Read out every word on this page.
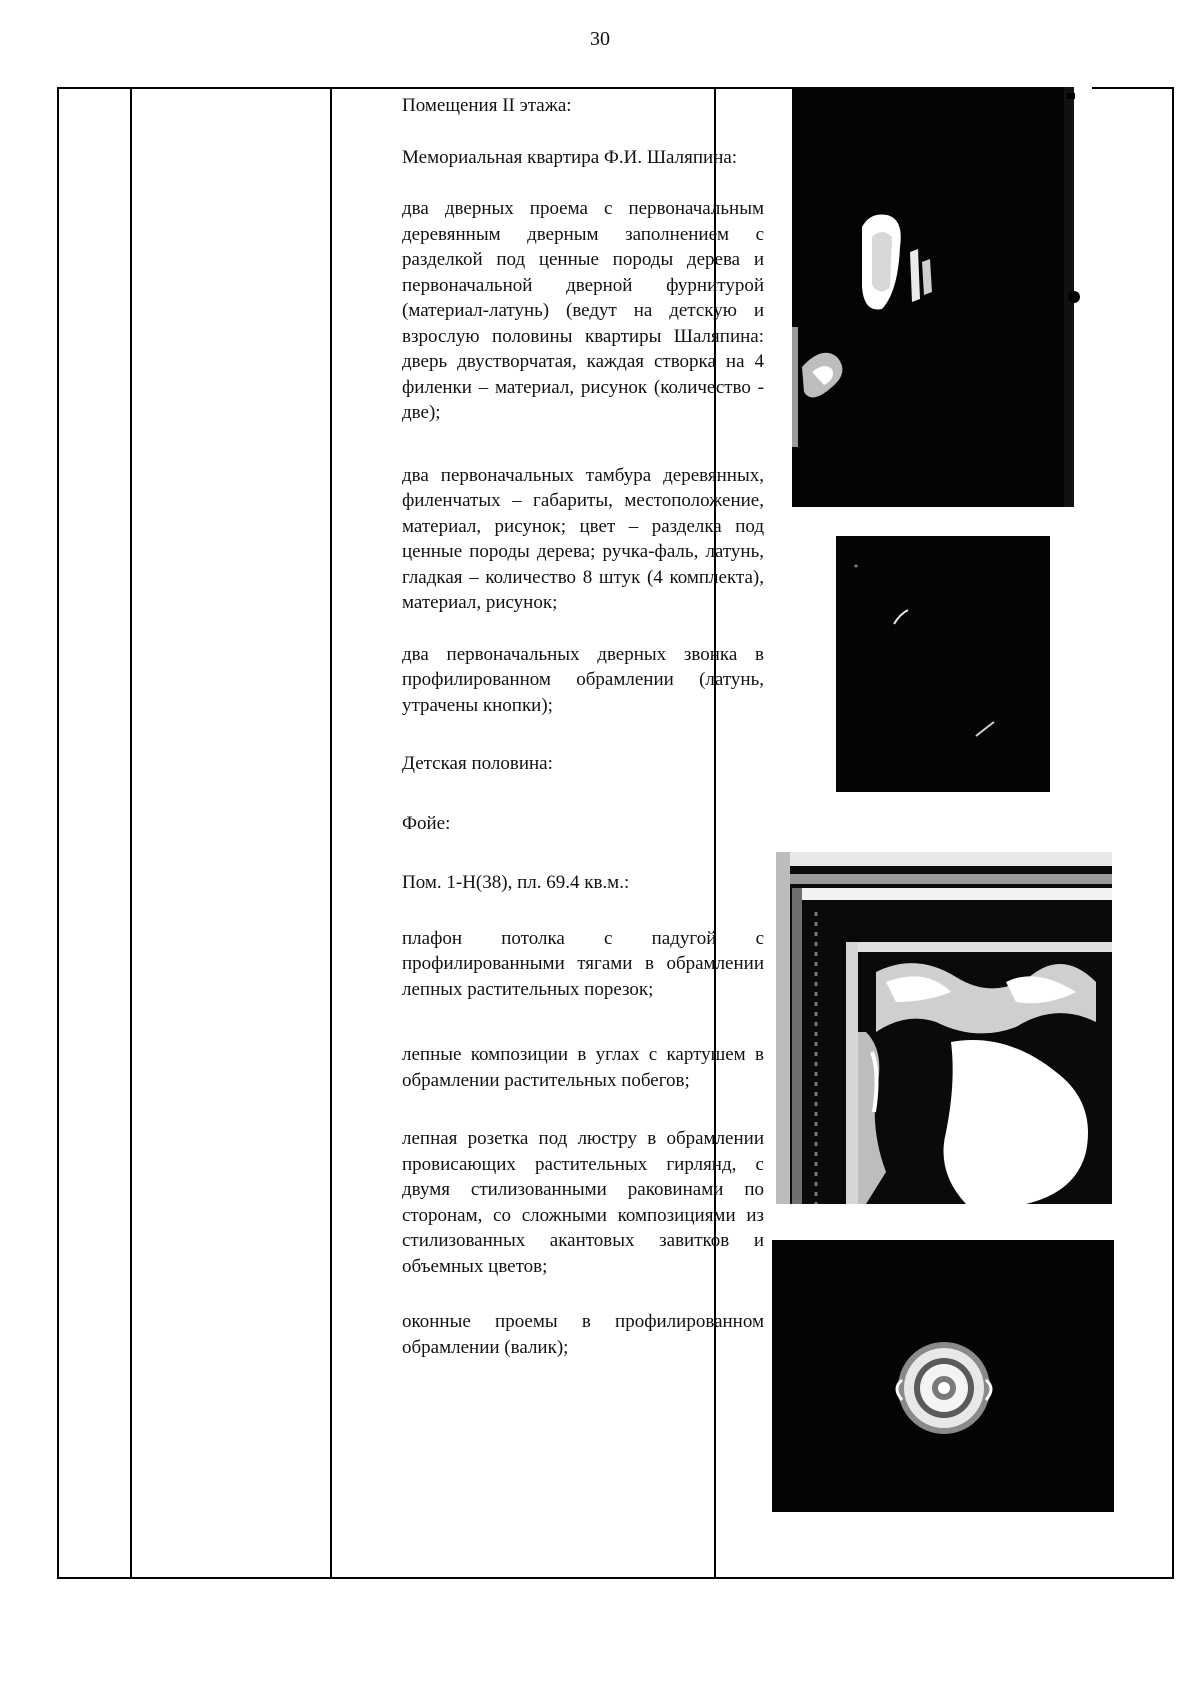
30

Помещения II этажа:

Мемориальная квартира Ф.И. Шаляпина:

два дверных проема с первоначальным деревянным дверным заполнением с разделкой под ценные породы дерева и первоначальной дверной фурнитурой (материал-латунь) (ведут на детскую и взрослую половины квартиры Шаляпина: дверь двустворчатая, каждая створка на 4 филенки – материал, рисунок (количество - две);

два первоначальных тамбура деревянных, филенчатых – габариты, местоположение, материал, рисунок; цвет – разделка под ценные породы дерева; ручка-фаль, латунь, гладкая – количество 8 штук (4 комплекта), материал, рисунок;

два первоначальных дверных звонка в профилированном обрамлении (латунь, утрачены кнопки);

Детская половина:

Фойе:

Пом. 1-Н(38), пл. 69.4 кв.м.:

плафон потолка с падугой с профилированными тягами в обрамлении лепных растительных порезок;

лепные композиции в углах с картушем в обрамлении растительных побегов;

лепная розетка под люстру в обрамлении провисающих растительных гирлянд, с двумя стилизованными раковинами по сторонам, со сложными композициями из стилизованных акантовых завитков и объемных цветов;

оконные проемы в профилированном обрамлении (валик);
